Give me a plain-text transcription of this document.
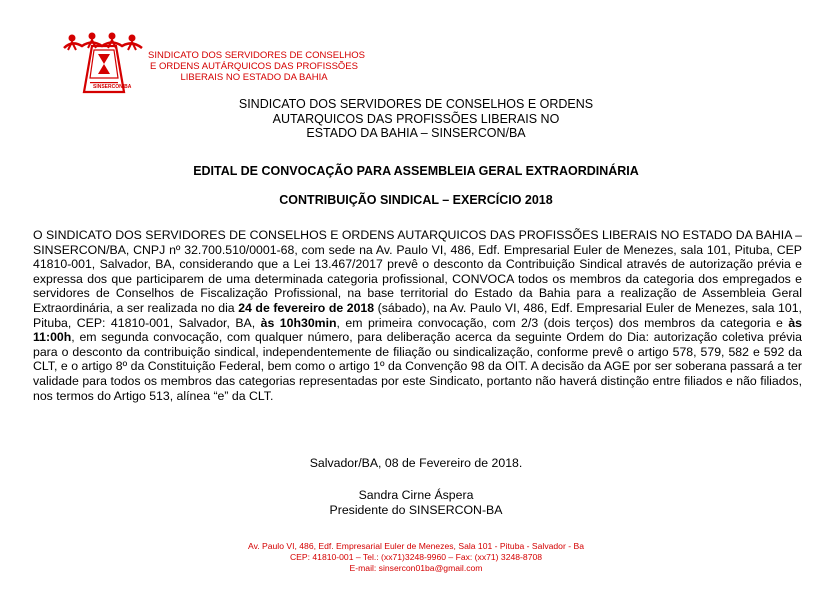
SINDICATO DOS SERVIDORES DE CONSELHOS
E ORDENS AUTÁRQUICOS DAS PROFISSÕES
LIBERAIS NO ESTADO DA BAHIA
SINSERCON/BA
SINDICATO DOS SERVIDORES DE CONSELHOS E ORDENS
AUTARQUICOS DAS PROFISSÕES LIBERAIS NO
ESTADO DA BAHIA – SINSERCON/BA
EDITAL DE CONVOCAÇÃO PARA ASSEMBLEIA GERAL EXTRAORDINÁRIA
CONTRIBUIÇÃO SINDICAL – EXERCÍCIO 2018
O SINDICATO DOS SERVIDORES DE CONSELHOS E ORDENS AUTARQUICOS DAS PROFISSÕES LIBERAIS NO ESTADO DA BAHIA – SINSERCON/BA, CNPJ nº 32.700.510/0001-68, com sede na Av. Paulo VI, 486, Edf. Empresarial Euler de Menezes, sala 101, Pituba, CEP 41810-001, Salvador, BA, considerando que a Lei 13.467/2017 prevê o desconto da Contribuição Sindical através de autorização prévia e expressa dos que participarem de uma determinada categoria profissional, CONVOCA todos os membros da categoria dos empregados e servidores de Conselhos de Fiscalização Profissional, na base territorial do Estado da Bahia para a realização de Assembleia Geral Extraordinária, a ser realizada no dia 24 de fevereiro de 2018 (sábado), na Av. Paulo VI, 486, Edf. Empresarial Euler de Menezes, sala 101, Pituba, CEP: 41810-001, Salvador, BA, às 10h30min, em primeira convocação, com 2/3 (dois terços) dos membros da categoria e às 11:00h, em segunda convocação, com qualquer número, para deliberação acerca da seguinte Ordem do Dia: autorização coletiva prévia para o desconto da contribuição sindical, independentemente de filiação ou sindicalização, conforme prevê o artigo 578, 579, 582 e 592 da CLT, e o artigo 8º da Constituição Federal, bem como o artigo 1º da Convenção 98 da OIT. A decisão da AGE por ser soberana passará a ter validade para todos os membros das categorias representadas por este Sindicato, portanto não haverá distinção entre filiados e não filiados, nos termos do Artigo 513, alínea “e” da CLT.
Salvador/BA, 08 de Fevereiro de 2018.
Sandra Cirne Áspera
Presidente do SINSERCON-BA
Av. Paulo VI, 486, Edf. Empresarial Euler de Menezes, Sala 101 - Pituba - Salvador - Ba
CEP: 41810-001 – Tel.: (xx71)3248-9960 – Fax: (xx71) 3248-8708
E-mail: sinsercon01ba@gmail.com
